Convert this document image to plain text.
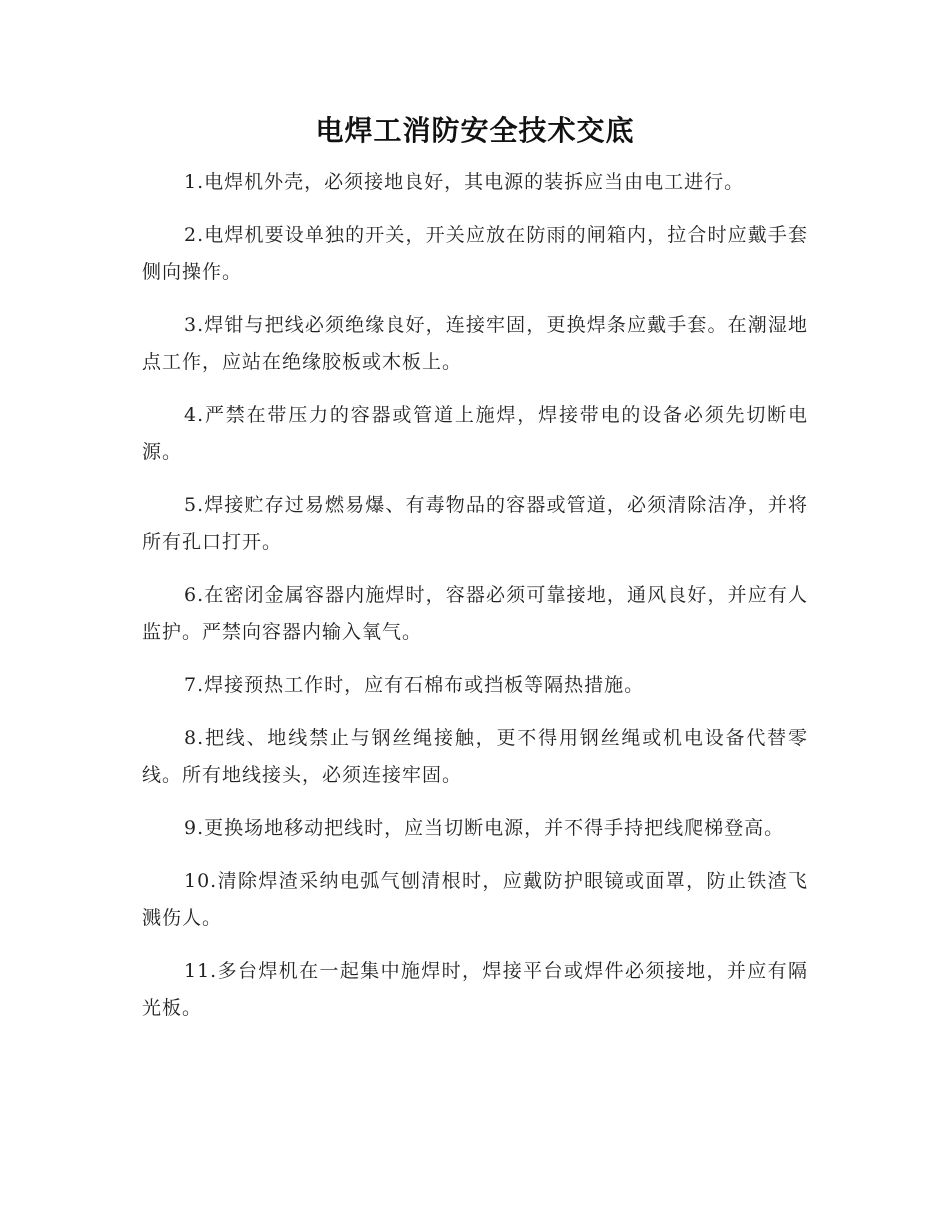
电焊工消防安全技术交底

1.电焊机外壳，必须接地良好，其电源的装拆应当由电工进行。

2.电焊机要设单独的开关，开关应放在防雨的闸箱内，拉合时应戴手套侧向操作。

3.焊钳与把线必须绝缘良好，连接牢固，更换焊条应戴手套。在潮湿地点工作，应站在绝缘胶板或木板上。

4.严禁在带压力的容器或管道上施焊，焊接带电的设备必须先切断电源。

5.焊接贮存过易燃易爆、有毒物品的容器或管道，必须清除洁净，并将所有孔口打开。

6.在密闭金属容器内施焊时，容器必须可靠接地，通风良好，并应有人监护。严禁向容器内输入氧气。

7.焊接预热工作时，应有石棉布或挡板等隔热措施。

8.把线、地线禁止与钢丝绳接触，更不得用钢丝绳或机电设备代替零线。所有地线接头，必须连接牢固。

9.更换场地移动把线时，应当切断电源，并不得手持把线爬梯登高。

10.清除焊渣采纳电弧气刨清根时，应戴防护眼镜或面罩，防止铁渣飞溅伤人。

11.多台焊机在一起集中施焊时，焊接平台或焊件必须接地，并应有隔光板。
